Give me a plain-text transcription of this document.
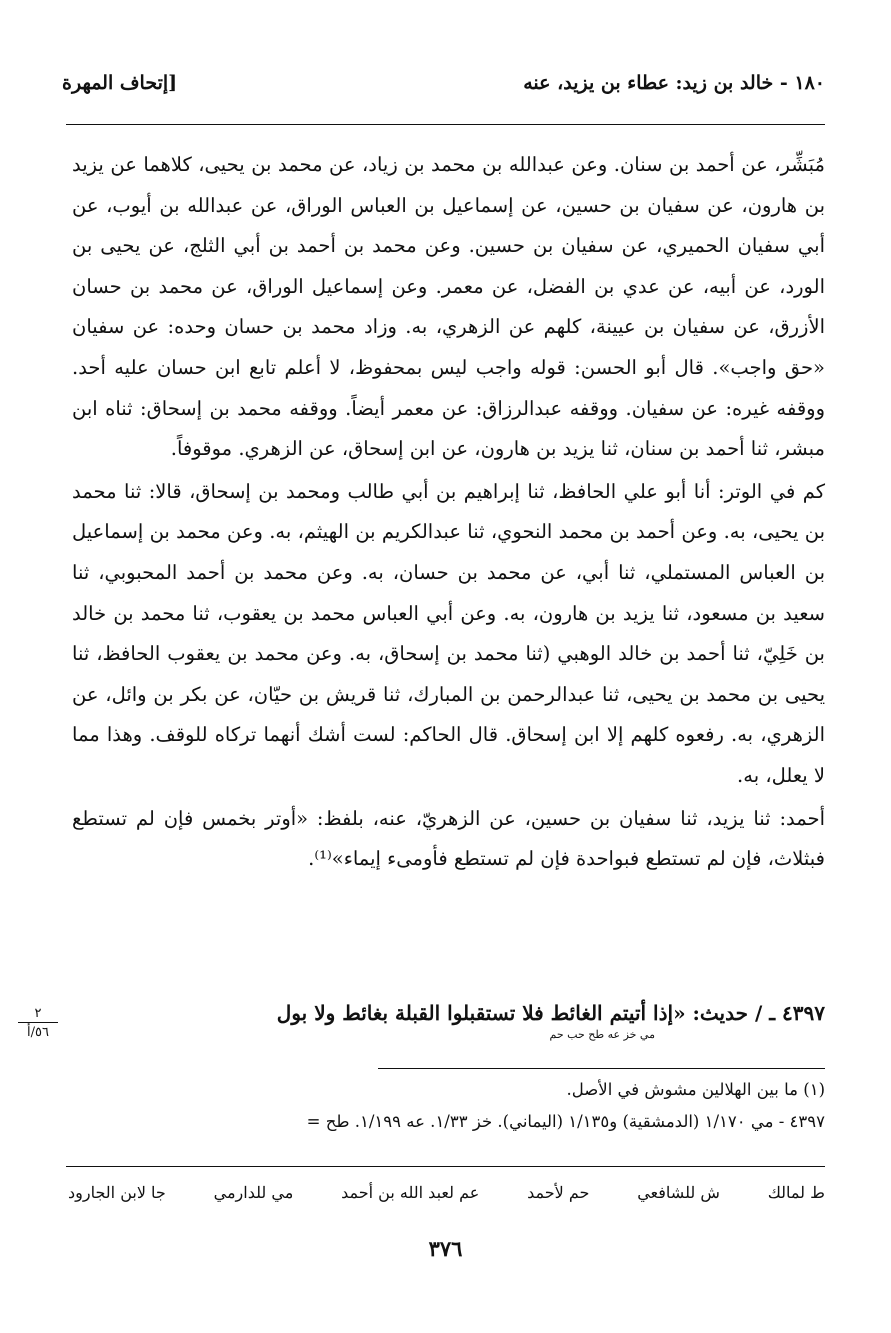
١٨٠ - خالد بن زيد: عطاء بن يزيد، عنه
[إتحاف المهرة

مُبَشِّر، عن أحمد بن سنان. وعن عبدالله بن محمد بن زياد، عن محمد بن يحيى، كلاهما عن يزيد بن هارون، عن سفيان بن حسين، عن إسماعيل بن العباس الوراق، عن عبدالله بن أيوب، عن أبي سفيان الحميري، عن سفيان بن حسين. وعن محمد بن أحمد بن أبي الثلج، عن يحيى بن الورد، عن أبيه، عن عدي بن الفضل، عن معمر. وعن إسماعيل الوراق، عن محمد بن حسان الأزرق، عن سفيان بن عيينة، كلهم عن الزهري، به. وزاد محمد بن حسان وحده: عن سفيان «حق واجب». قال أبو الحسن: قوله واجب ليس بمحفوظ، لا أعلم تابع ابن حسان عليه أحد. ووقفه غيره: عن سفيان. ووقفه عبدالرزاق: عن معمر أيضاً. ووقفه محمد بن إسحاق: ثناه ابن مبشر، ثنا أحمد بن سنان، ثنا يزيد بن هارون، عن ابن إسحاق، عن الزهري. موقوفاً.

كم في الوتر: أنا أبو علي الحافظ، ثنا إبراهيم بن أبي طالب ومحمد بن إسحاق، قالا: ثنا محمد بن يحيى، به. وعن أحمد بن محمد النحوي، ثنا عبدالكريم بن الهيثم، به. وعن محمد بن إسماعيل بن العباس المستملي، ثنا أبي، عن محمد بن حسان، به. وعن محمد بن أحمد المحبوبي، ثنا سعيد بن مسعود، ثنا يزيد بن هارون، به. وعن أبي العباس محمد بن يعقوب، ثنا محمد بن خالد بن خَلِيّ، ثنا أحمد بن خالد الوهبي (ثنا محمد بن إسحاق، به. وعن محمد بن يعقوب الحافظ، ثنا يحيى بن محمد بن يحيى، ثنا عبدالرحمن بن المبارك، ثنا قريش بن حيّان، عن بكر بن وائل، عن الزهري، به. رفعوه كلهم إلا ابن إسحاق. قال الحاكم: لست أشك أنهما تركاه للوقف. وهذا مما لا يعلل، به.

أحمد: ثنا يزيد، ثنا سفيان بن حسين، عن الزهريّ، عنه، بلفظ: «أوتر بخمس فإن لم تستطع فبثلاث، فإن لم تستطع فبواحدة فإن لم تستطع فأومىء إيماء»⁽¹⁾.

٢
٥٦/أ
٤٣٩٧ ـ / حديث: «إذا أتيتم الغائط فلا تستقبلوا القبلة بغائط ولا بول
مي خز عه طح حب حم
(١) ما بين الهلالين مشوش في الأصل.
٤٣٩٧ - مي ١/١٧٠ (الدمشقية) و١/١٣٥ (اليماني). خز ١/٣٣. عه ١/١٩٩. طح =
ط لمالك
ش للشافعي
حم لأحمد
عم لعبد الله بن أحمد
مي للدارمي
جا لابن الجارود
٣٧٦
